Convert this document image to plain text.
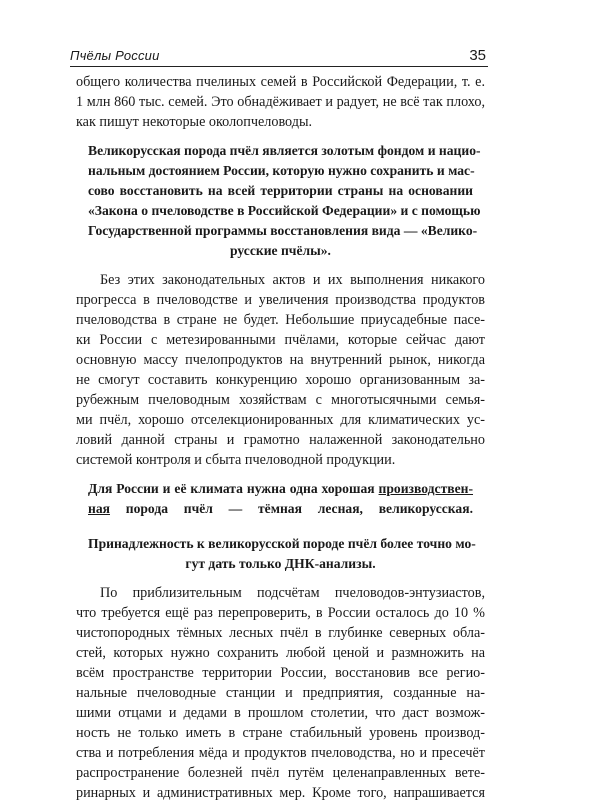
Пчёлы России	35
общего количества пчелиных семей в Российской Федерации, т. е.
1 млн 860 тыс. семей. Это обнадёживает и радует, не всё так плохо,
как пишут некоторые околопчеловоды.
Великорусская порода пчёл является золотым фондом и нацио-
нальным достоянием России, которую нужно сохранить и мас-
сово восстановить на всей территории страны на основании
«Закона о пчеловодстве в Российской Федерации» и с помощью
Государственной программы восстановления вида — «Велико-
русские пчёлы».
Без этих законодательных актов и их выполнения никакого
прогресса в пчеловодстве и увеличения производства продуктов
пчеловодства в стране не будет. Небольшие приусадебные пасе-
ки России с метезированными пчёлами, которые сейчас дают
основную массу пчелопродуктов на внутренний рынок, никогда
не смогут составить конкуренцию хорошо организованным за-
рубежным пчеловодным хозяйствам с многотысячными семья-
ми пчёл, хорошо отселекционированных для климатических ус-
ловий данной страны и грамотно налаженной законодательно
системой контроля и сбыта пчеловодной продукции.
Для России и её климата нужна одна хорошая производствен-
ная порода пчёл — тёмная лесная, великорусская.
Принадлежность к великорусской породе пчёл более точно мо-
гут дать только ДНК-анализы.
По приблизительным подсчётам пчеловодов-энтузиастов,
что требуется ещё раз перепроверить, в России осталось до 10 %
чистопородных тёмных лесных пчёл в глубинке северных обла-
стей, которых нужно сохранить любой ценой и размножить на
всём пространстве территории России, восстановив все регио-
нальные пчеловодные станции и предприятия, созданные на-
шими отцами и дедами в прошлом столетии, что даст возмож-
ность не только иметь в стране стабильный уровень производ-
ства и потребления мёда и продуктов пчеловодства, но и пресечёт
распространение болезней пчёл путём целенаправленных вете-
ринарных и административных мер. Кроме того, напрашивается
